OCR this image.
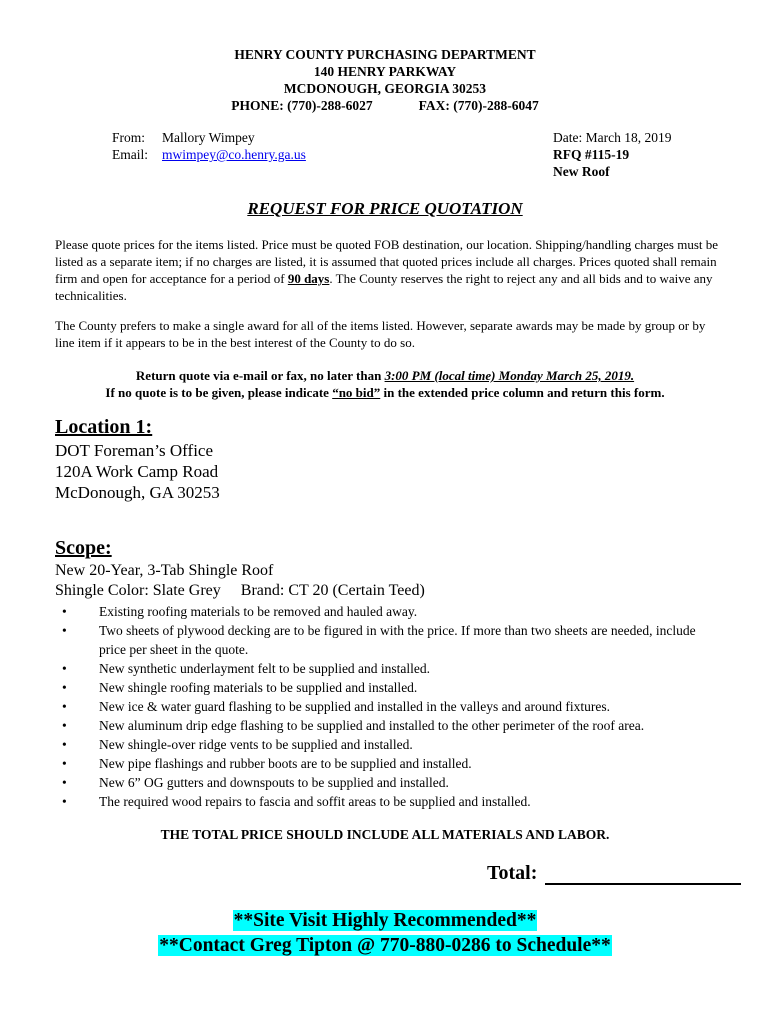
HENRY COUNTY PURCHASING DEPARTMENT
140 HENRY PARKWAY
MCDONOUGH, GEORGIA 30253
PHONE: (770)-288-6027	FAX: (770)-288-6047
From: Mallory Wimpey
Email: mwimpey@co.henry.ga.us
Date: March 18, 2019
RFQ #115-19
New Roof
REQUEST FOR PRICE QUOTATION
Please quote prices for the items listed. Price must be quoted FOB destination, our location. Shipping/handling charges must be listed as a separate item; if no charges are listed, it is assumed that quoted prices include all charges. Prices quoted shall remain firm and open for acceptance for a period of 90 days. The County reserves the right to reject any and all bids and to waive any technicalities.
The County prefers to make a single award for all of the items listed. However, separate awards may be made by group or by line item if it appears to be in the best interest of the County to do so.
Return quote via e-mail or fax, no later than 3:00 PM (local time) Monday March 25, 2019.
If no quote is to be given, please indicate “no bid” in the extended price column and return this form.
Location 1:
DOT Foreman’s Office
120A Work Camp Road
McDonough, GA 30253
Scope:
New 20-Year, 3-Tab Shingle Roof
Shingle Color: Slate Grey Brand: CT 20 (Certain Teed)
• Existing roofing materials to be removed and hauled away.
• Two sheets of plywood decking are to be figured in with the price. If more than two sheets are needed, include price per sheet in the quote.
• New synthetic underlayment felt to be supplied and installed.
• New shingle roofing materials to be supplied and installed.
• New ice & water guard flashing to be supplied and installed in the valleys and around fixtures.
• New aluminum drip edge flashing to be supplied and installed to the other perimeter of the roof area.
• New shingle-over ridge vents to be supplied and installed.
• New pipe flashings and rubber boots are to be supplied and installed.
• New 6” OG gutters and downspouts to be supplied and installed.
• The required wood repairs to fascia and soffit areas to be supplied and installed.
THE TOTAL PRICE SHOULD INCLUDE ALL MATERIALS AND LABOR.
Total:
**Site Visit Highly Recommended**
**Contact Greg Tipton @ 770-880-0286 to Schedule**
